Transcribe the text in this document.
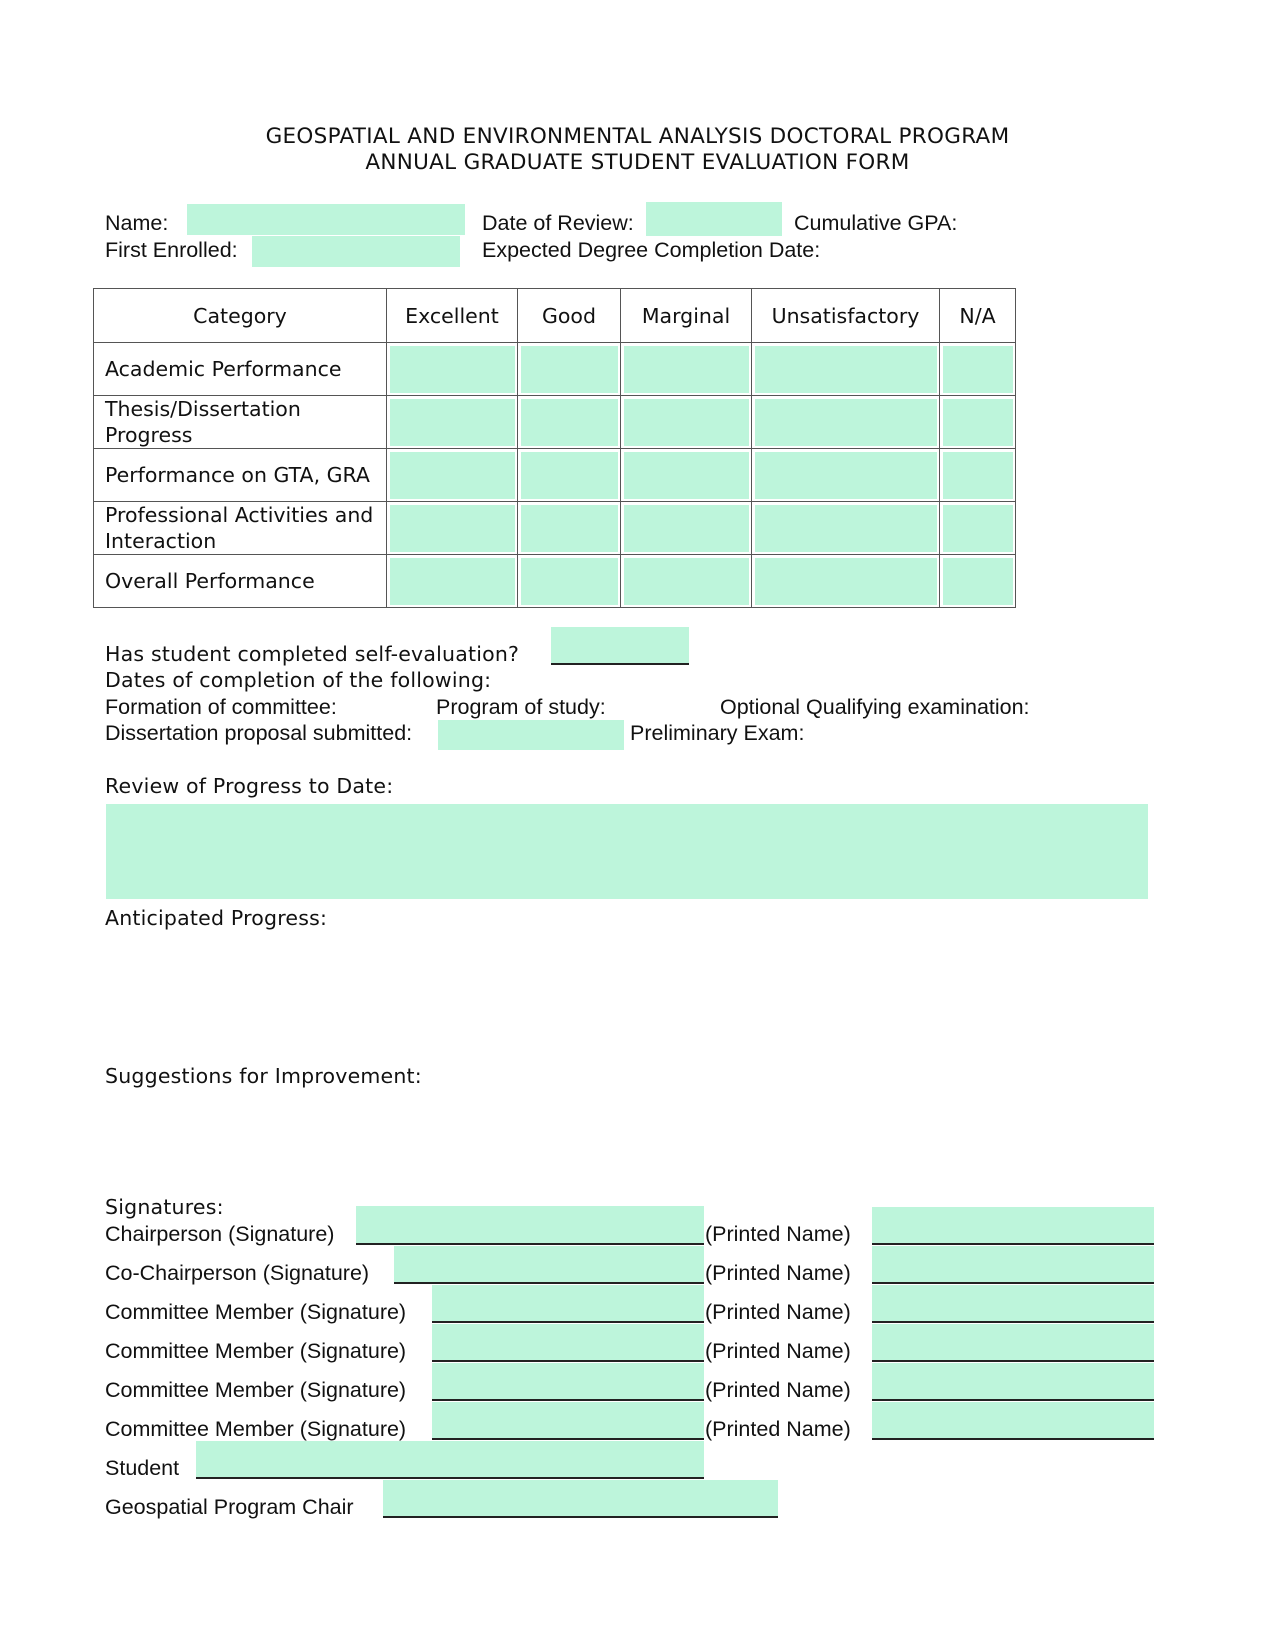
GEOSPATIAL AND ENVIRONMENTAL ANALYSIS DOCTORAL PROGRAM
ANNUAL GRADUATE STUDENT EVALUATION FORM
Name:	Date of Review:	Cumulative GPA:
First Enrolled:	Expected Degree Completion Date:
Category	Excellent	Good	Marginal	Unsatisfactory	N/A
Academic Performance	

Thesis/Dissertation Progress	

Performance on GTA, GRA	

Professional Activities and Interaction	

Overall Performance	

Has student completed self-evaluation?
Dates of completion of the following:
Formation of committee:	Program of study:	Optional Qualifying examination:
Dissertation proposal submitted:	Preliminary Exam:
Review of Progress to Date:
Anticipated Progress:
Suggestions for Improvement:
Signatures:
Chairperson (Signature)	(Printed Name)
Co-Chairperson (Signature)	(Printed Name)
Committee Member (Signature)	(Printed Name)
Committee Member (Signature)	(Printed Name)
Committee Member (Signature)	(Printed Name)
Committee Member (Signature)	(Printed Name)
Student
Geospatial Program Chair
